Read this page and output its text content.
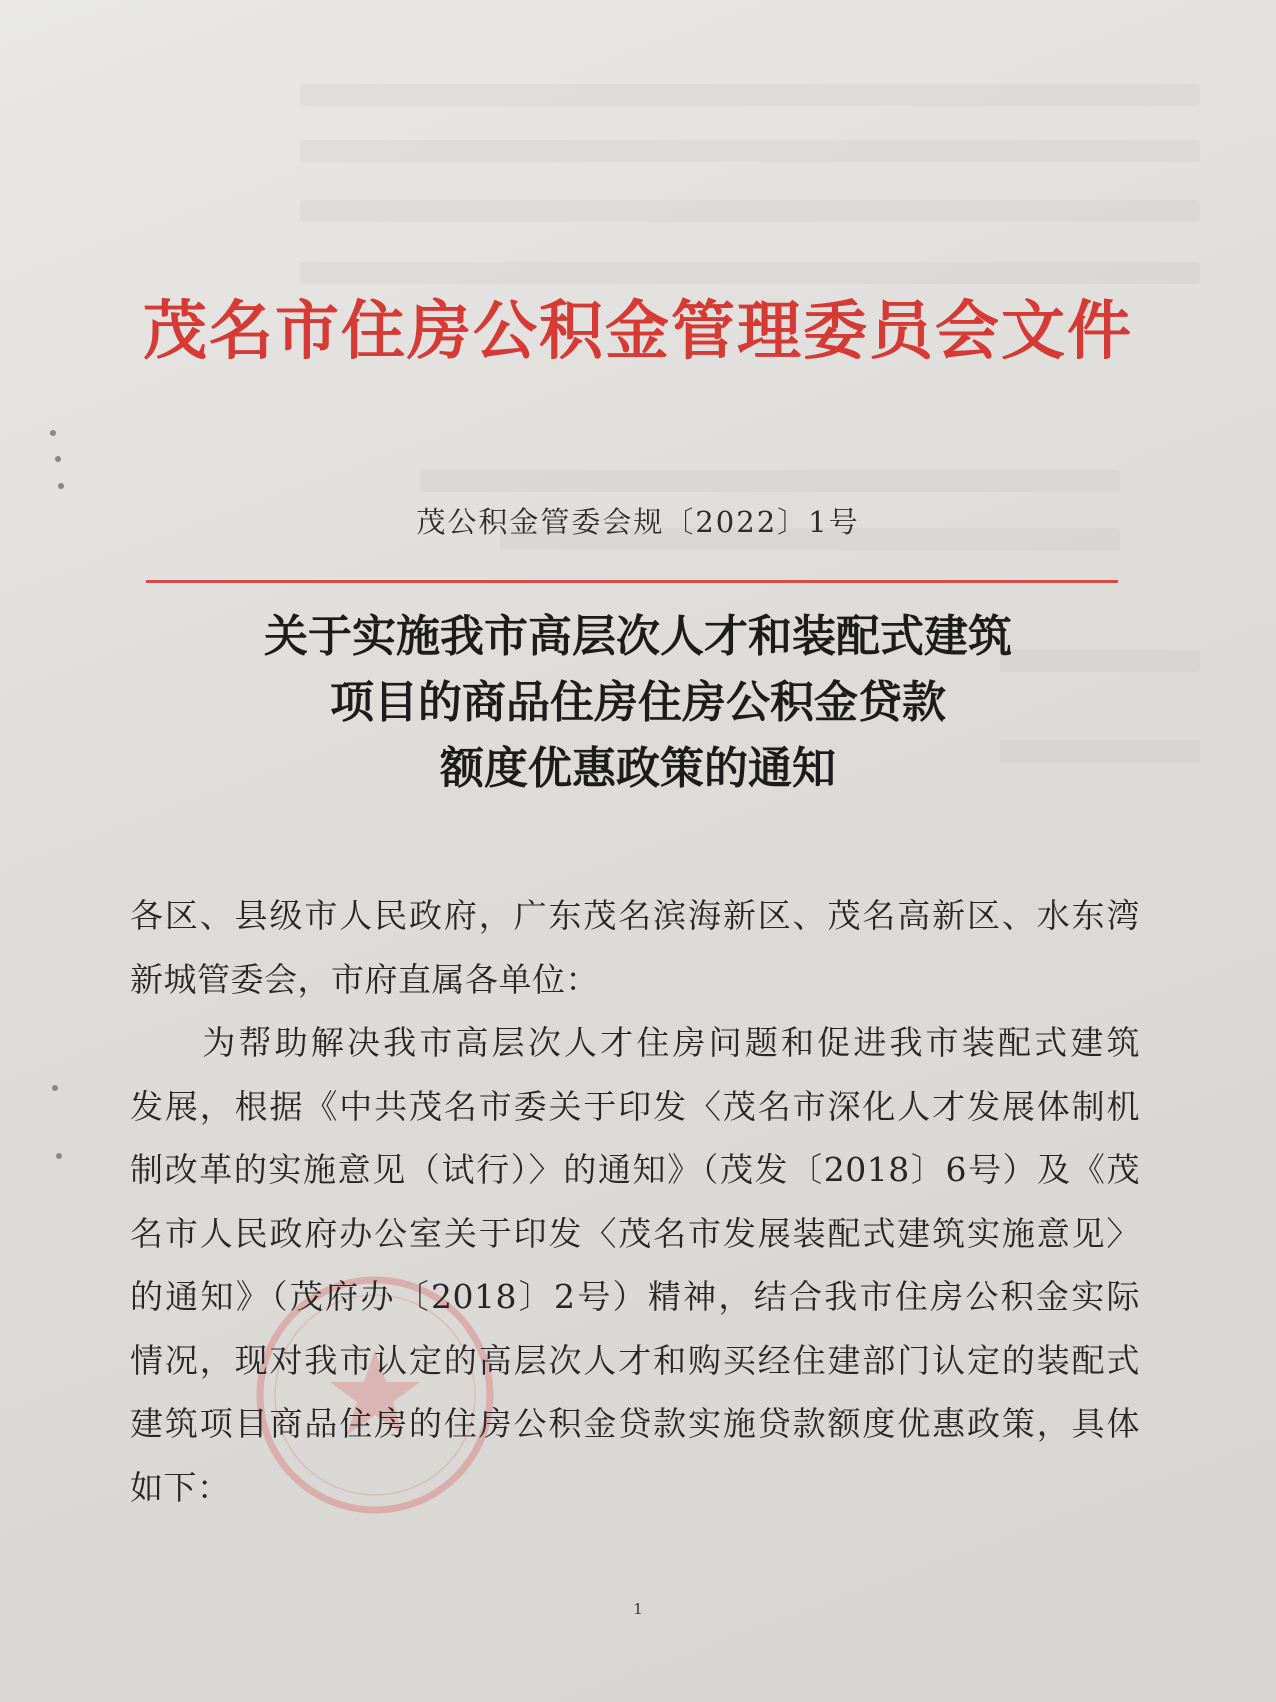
茂名市住房公积金管理委员会文件
茂公积金管委会规〔2022〕1号
关于实施我市高层次人才和装配式建筑
项目的商品住房住房公积金贷款
额度优惠政策的通知
各区、县级市人民政府，广东茂名滨海新区、茂名高新区、水东湾
新城管委会，市府直属各单位：
　　为帮助解决我市高层次人才住房问题和促进我市装配式建筑
发展，根据《中共茂名市委关于印发〈茂名市深化人才发展体制机
制改革的实施意见（试行）〉的通知》（茂发〔2018〕6号）及《茂
名市人民政府办公室关于印发〈茂名市发展装配式建筑实施意见〉
的通知》（茂府办〔2018〕2号）精神，结合我市住房公积金实际
情况，现对我市认定的高层次人才和购买经住建部门认定的装配式
建筑项目商品住房的住房公积金贷款实施贷款额度优惠政策，具体
如下：
1
